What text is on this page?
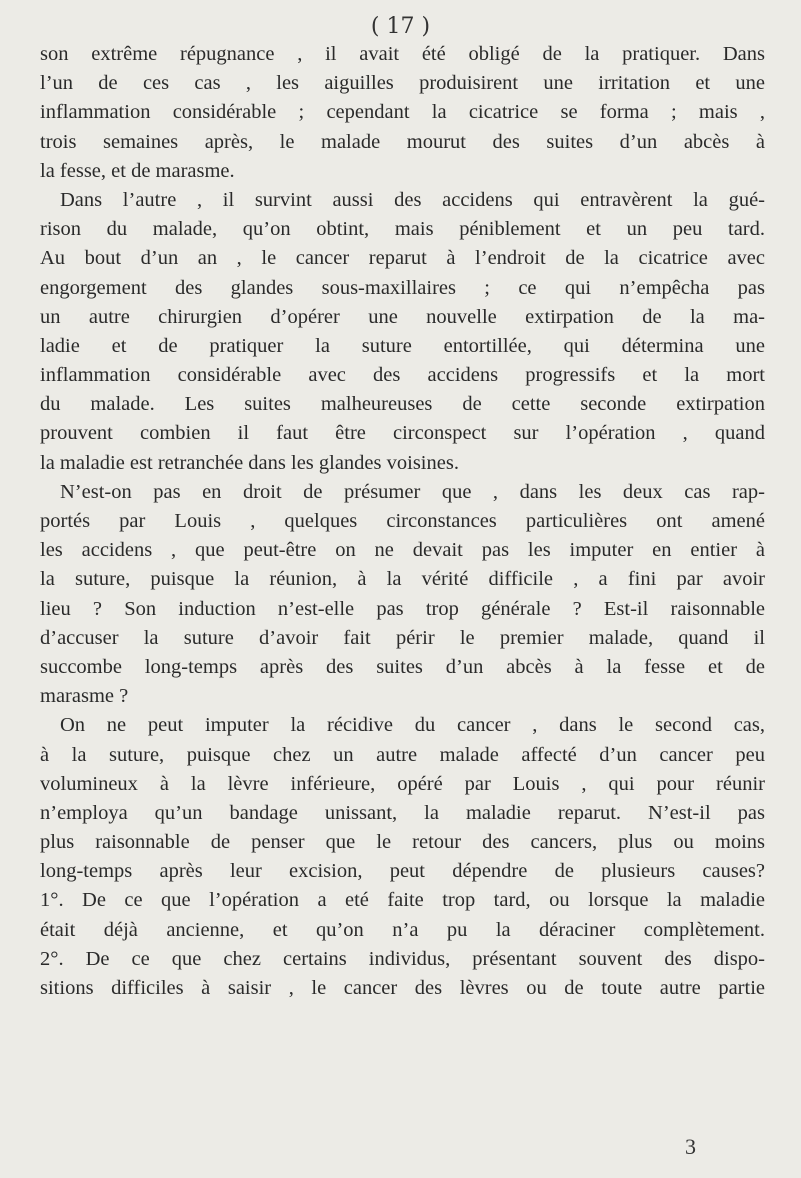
( 17 )
son extrême répugnance , il avait été obligé de la pratiquer. Dans
l’un de ces cas , les aiguilles produisirent une irritation et une
inflammation considérable ; cependant la cicatrice se forma ; mais ,
trois semaines après, le malade mourut des suites d’un abcès à
la fesse, et de marasme.
Dans l’autre , il survint aussi des accidens qui entravèrent la gué-
rison du malade, qu’on obtint, mais péniblement et un peu tard.
Au bout d’un an , le cancer reparut à l’endroit de la cicatrice avec
engorgement des glandes sous-maxillaires ; ce qui n’empêcha pas
un autre chirurgien d’opérer une nouvelle extirpation de la ma-
ladie et de pratiquer la suture entortillée, qui détermina une
inflammation considérable avec des accidens progressifs et la mort
du malade. Les suites malheureuses de cette seconde extirpation
prouvent combien il faut être circonspect sur l’opération , quand
la maladie est retranchée dans les glandes voisines.
N’est-on pas en droit de présumer que , dans les deux cas rap-
portés par Louis , quelques circonstances particulières ont amené
les accidens , que peut-être on ne devait pas les imputer en entier à
la suture, puisque la réunion, à la vérité difficile , a fini par avoir
lieu ? Son induction n’est-elle pas trop générale ? Est-il raisonnable
d’accuser la suture d’avoir fait périr le premier malade, quand il
succombe long-temps après des suites d’un abcès à la fesse et de
marasme ?
On ne peut imputer la récidive du cancer , dans le second cas,
à la suture, puisque chez un autre malade affecté d’un cancer peu
volumineux à la lèvre inférieure, opéré par Louis , qui pour réunir
n’employa qu’un bandage unissant, la maladie reparut. N’est-il pas
plus raisonnable de penser que le retour des cancers, plus ou moins
long-temps après leur excision, peut dépendre de plusieurs causes?
1°. De ce que l’opération a eté faite trop tard, ou lorsque la maladie
était déjà ancienne, et qu’on n’a pu la déraciner complètement.
2°. De ce que chez certains individus, présentant souvent des dispo-
sitions difficiles à saisir , le cancer des lèvres ou de toute autre partie
3
